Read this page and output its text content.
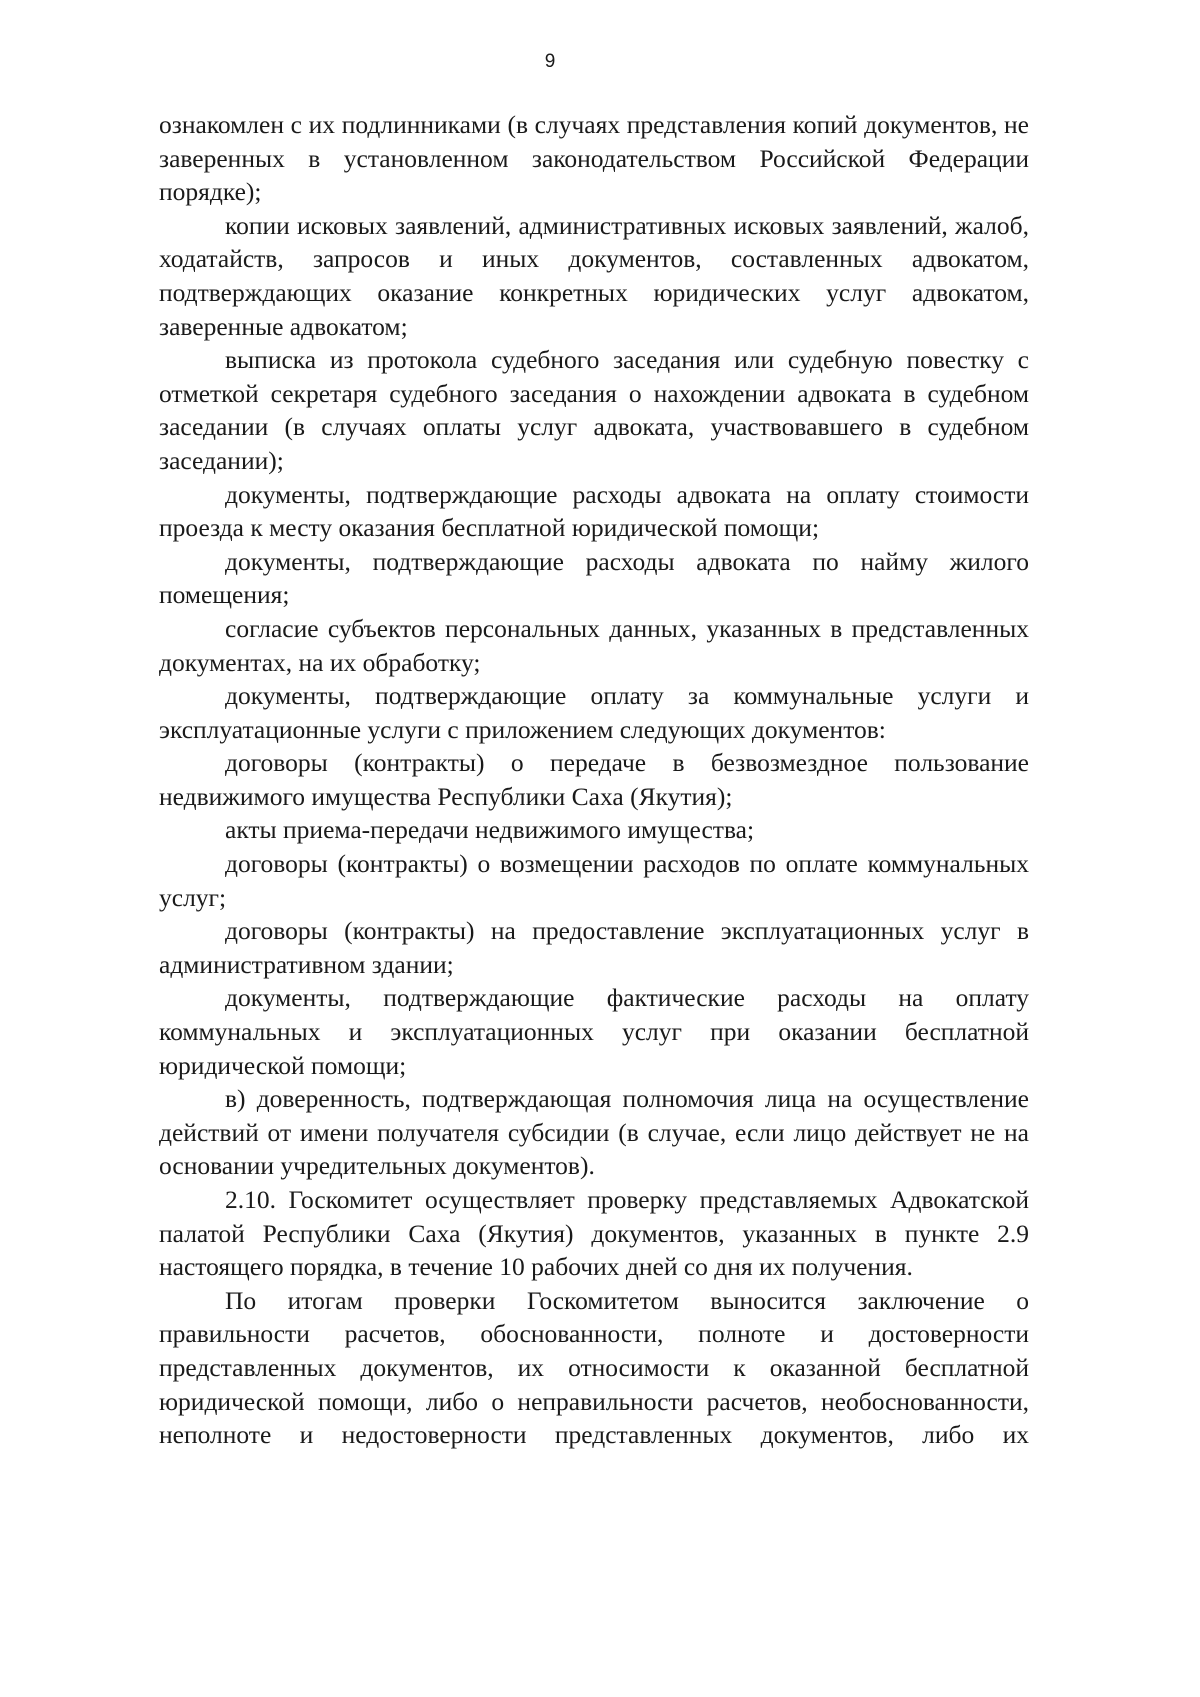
9

ознакомлен с их подлинниками (в случаях представления копий документов, не заверенных в установленном законодательством Российской Федерации порядке);

копии исковых заявлений, административных исковых заявлений, жалоб, ходатайств, запросов и иных документов, составленных адвокатом, подтверждающих оказание конкретных юридических услуг адвокатом, заверенные адвокатом;

выписка из протокола судебного заседания или судебную повестку с отметкой секретаря судебного заседания о нахождении адвоката в судебном заседании (в случаях оплаты услуг адвоката, участвовавшего в судебном заседании);

документы, подтверждающие расходы адвоката на оплату стоимости проезда к месту оказания бесплатной юридической помощи;

документы, подтверждающие расходы адвоката по найму жилого помещения;

согласие субъектов персональных данных, указанных в представленных документах, на их обработку;

документы, подтверждающие оплату за коммунальные услуги и эксплуатационные услуги с приложением следующих документов:

договоры (контракты) о передаче в безвозмездное пользование недвижимого имущества Республики Саха (Якутия);

акты приема-передачи недвижимого имущества;

договоры (контракты) о возмещении расходов по оплате коммунальных услуг;

договоры (контракты) на предоставление эксплуатационных услуг в административном здании;

документы, подтверждающие фактические расходы на оплату коммунальных и эксплуатационных услуг при оказании бесплатной юридической помощи;

в) доверенность, подтверждающая полномочия лица на осуществление действий от имени получателя субсидии (в случае, если лицо действует не на основании учредительных документов).

2.10. Госкомитет осуществляет проверку представляемых Адвокатской палатой Республики Саха (Якутия) документов, указанных в пункте 2.9 настоящего порядка, в течение 10 рабочих дней со дня их получения.

По итогам проверки Госкомитетом выносится заключение о правильности расчетов, обоснованности, полноте и достоверности представленных документов, их относимости к оказанной бесплатной юридической помощи, либо о неправильности расчетов, необоснованности, неполноте и недостоверности представленных документов, либо их
